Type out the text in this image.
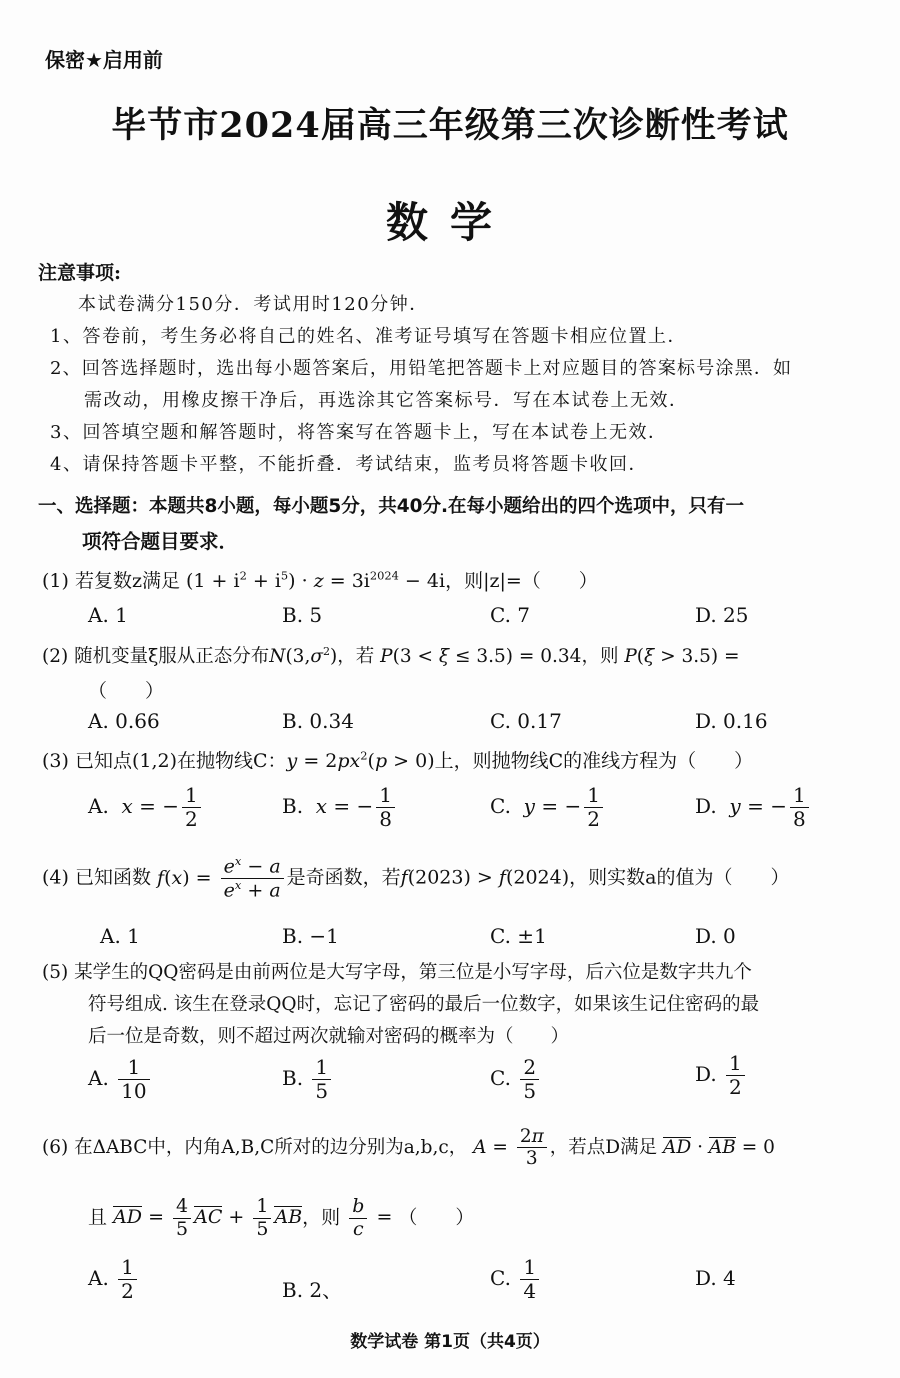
保密★启用前
毕节市2024届高三年级第三次诊断性考试
数学
注意事项:
本试卷满分150分．考试用时120分钟．
1、答卷前，考生务必将自己的姓名、准考证号填写在答题卡相应位置上．
2、回答选择题时，选出每小题答案后，用铅笔把答题卡上对应题目的答案标号涂黑．如
需改动，用橡皮擦干净后，再选涂其它答案标号．写在本试卷上无效．
3、回答填空题和解答题时，将答案写在答题卡上，写在本试卷上无效．
4、请保持答题卡平整，不能折叠．考试结束，监考员将答题卡收回．
一、选择题：本题共8小题，每小题5分，共40分.在每小题给出的四个选项中，只有一
项符合题目要求．
(1) 若复数z满足 $(1 + i^2 + i^5) \cdot z = 3i^{2024} - 4i$，则|z|=（　　）
A. 1	B. 5	C. 7	D. 25
(2) 随机变量ξ服从正态分布$N(3,\sigma^2)$，若 P(3 < ξ ≤ 3.5) = 0.34，则 P(ξ > 3.5) =
（　　）
A. 0.66	B. 0.34	C. 0.17	D. 0.16
(3) 已知点(1,2)在抛物线C：$y = 2px^2(p > 0)$上，则抛物线C的准线方程为（　　）
A. x = − $\frac{1}{2}$	B. x = − $\frac{1}{8}$	C. y = − $\frac{1}{2}$	D. y = − $\frac{1}{8}$
(4) 已知函数 $f(x) = \frac{e^x - a}{e^x + a}$ 是奇函数，若f(2023) > f(2024)，则实数a的值为（　　）
A. 1	B. −1	C. ±1	D. 0
(5) 某学生的QQ密码是由前两位是大写字母，第三位是小写字母，后六位是数字共九个
符号组成. 该生在登录QQ时，忘记了密码的最后一位数字，如果该生记住密码的最
后一位是奇数，则不超过两次就输对密码的概率为（　　）
A. $\frac{1}{10}$	B. $\frac{1}{5}$	C. $\frac{2}{5}$	D. $\frac{1}{2}$
(6) 在ΔABC中，内角A,B,C所对的边分别为a,b,c， $A = \frac{2\pi}{3}$ ，若点D满足 AD · AB = 0
且 AD = $\frac{4}{5}$ AC + $\frac{1}{5}$ AB，则 $\frac{b}{c}$ = （　　）
A. $\frac{1}{2}$	B. 2、	C. $\frac{1}{4}$	D. 4
数学试卷 第1页（共4页）
